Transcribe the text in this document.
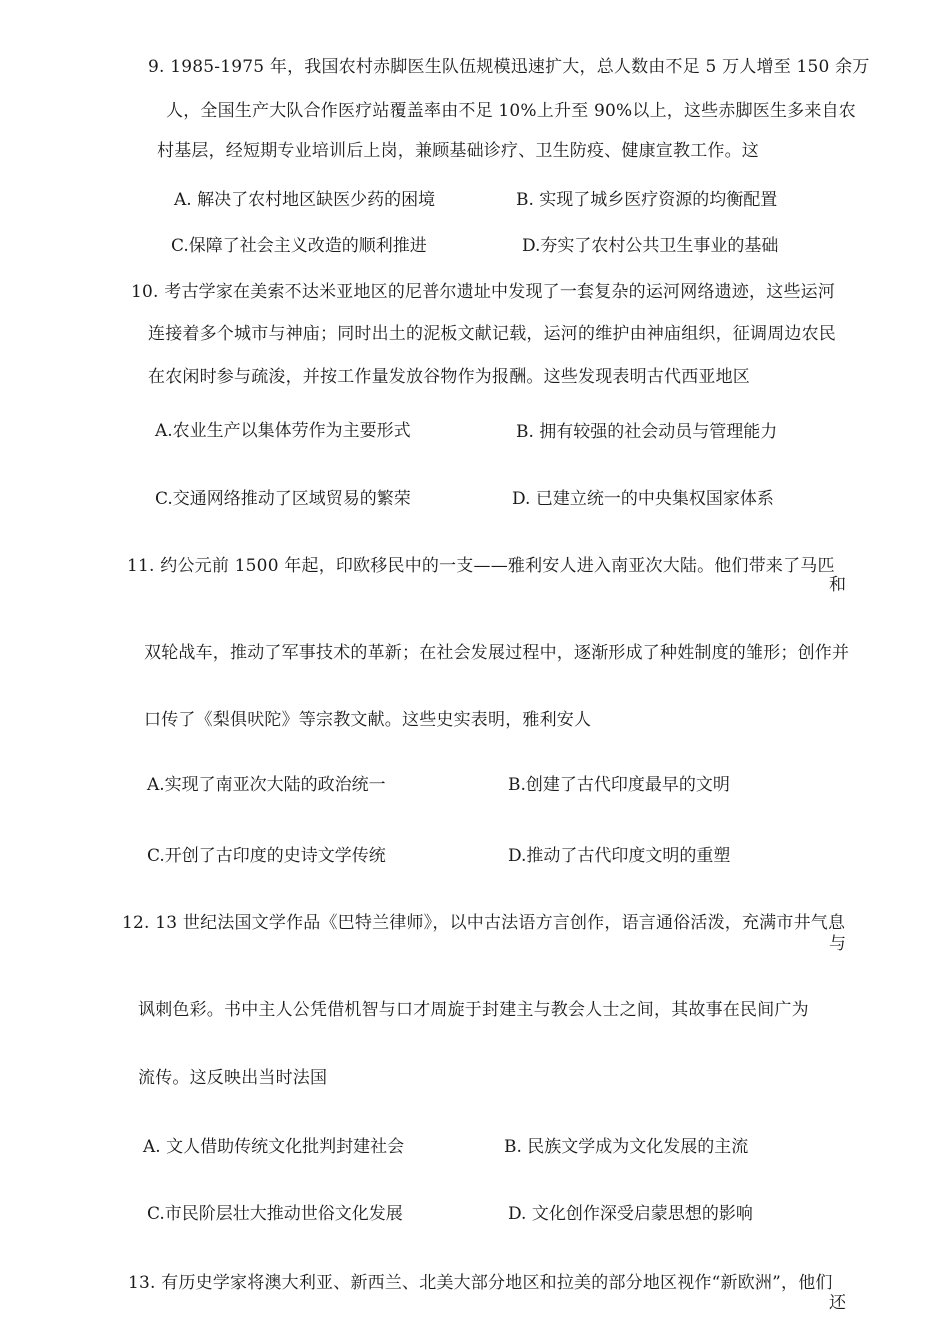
9. 1985-1975 年，我国农村赤脚医生队伍规模迅速扩大，总人数由不足 5 万人增至 150 余万
人，全国生产大队合作医疗站覆盖率由不足 10%上升至 90%以上，这些赤脚医生多来自农
村基层，经短期专业培训后上岗，兼顾基础诊疗、卫生防疫、健康宣教工作。这
A. 解决了农村地区缺医少药的困境	B. 实现了城乡医疗资源的均衡配置
C.保障了社会主义改造的顺利推进	D.夯实了农村公共卫生事业的基础
10. 考古学家在美索不达米亚地区的尼普尔遗址中发现了一套复杂的运河网络遗迹，这些运河
连接着多个城市与神庙；同时出土的泥板文献记载，运河的维护由神庙组织，征调周边农民
在农闲时参与疏浚，并按工作量发放谷物作为报酬。这些发现表明古代西亚地区
A.农业生产以集体劳作为主要形式	B. 拥有较强的社会动员与管理能力
C.交通网络推动了区域贸易的繁荣	D. 已建立统一的中央集权国家体系
11. 约公元前 1500 年起，印欧移民中的一支——雅利安人进入南亚次大陆。他们带来了马匹
和
双轮战车，推动了军事技术的革新；在社会发展过程中，逐渐形成了种姓制度的雏形；创作并
口传了《梨俱吠陀》等宗教文献。这些史实表明，雅利安人
A.实现了南亚次大陆的政治统一	B.创建了古代印度最早的文明
C.开创了古印度的史诗文学传统	D.推动了古代印度文明的重塑
12. 13 世纪法国文学作品《巴特兰律师》，以中古法语方言创作，语言通俗活泼，充满市井气息
与
讽刺色彩。书中主人公凭借机智与口才周旋于封建主与教会人士之间，其故事在民间广为
流传。这反映出当时法国
A. 文人借助传统文化批判封建社会	B. 民族文学成为文化发展的主流
C.市民阶层壮大推动世俗文化发展	D. 文化创作深受启蒙思想的影响
13. 有历史学家将澳大利亚、新西兰、北美大部分地区和拉美的部分地区视作“新欧洲”，他们
还
